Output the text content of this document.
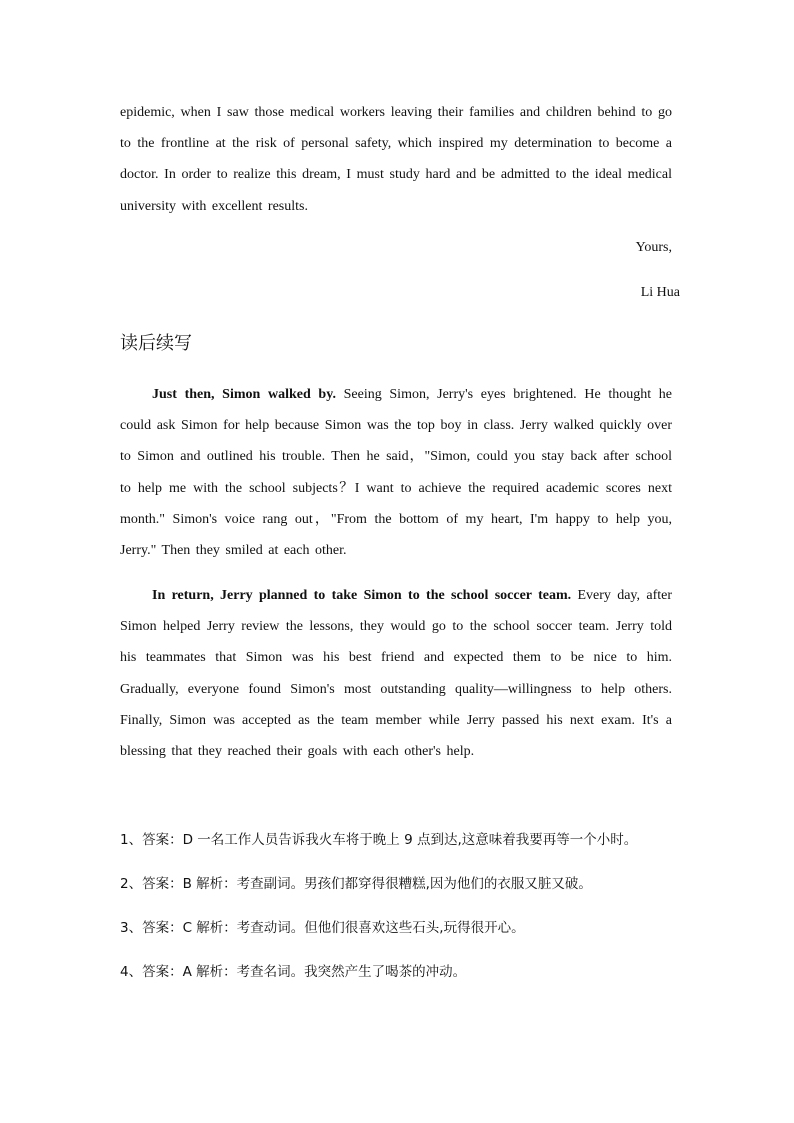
epidemic, when I saw those medical workers leaving their families and children behind to go to the frontline at the risk of personal safety, which inspired my determination to become a doctor. In order to realize this dream, I must study hard and be admitted to the ideal medical university with excellent results.

Yours,
Li Hua
读后续写

Just then, Simon walked by. Seeing Simon, Jerry's eyes brightened. He thought he could ask Simon for help because Simon was the top boy in class. Jerry walked quickly over to Simon and outlined his trouble. Then he said，"Simon, could you stay back after school to help me with the school subjects？I want to achieve the required academic scores next month." Simon's voice rang out，"From the bottom of my heart, I'm happy to help you, Jerry." Then they smiled at each other.

In return, Jerry planned to take Simon to the school soccer team. Every day, after Simon helped Jerry review the lessons, they would go to the school soccer team. Jerry told his teammates that Simon was his best friend and expected them to be nice to him. Gradually, everyone found Simon's most outstanding quality—willingness to help others. Finally, Simon was accepted as the team member while Jerry passed his next exam. It's a blessing that they reached their goals with each other's help.

1、答案：D 一名工作人员告诉我火车将于晚上 9 点到达,这意味着我要再等一个小时。
2、答案：B 解析：考查副词。男孩们都穿得很糟糕,因为他们的衣服又脏又破。
3、答案：C 解析：考查动词。但他们很喜欢这些石头,玩得很开心。
4、答案：A 解析：考查名词。我突然产生了喝茶的冲动。
